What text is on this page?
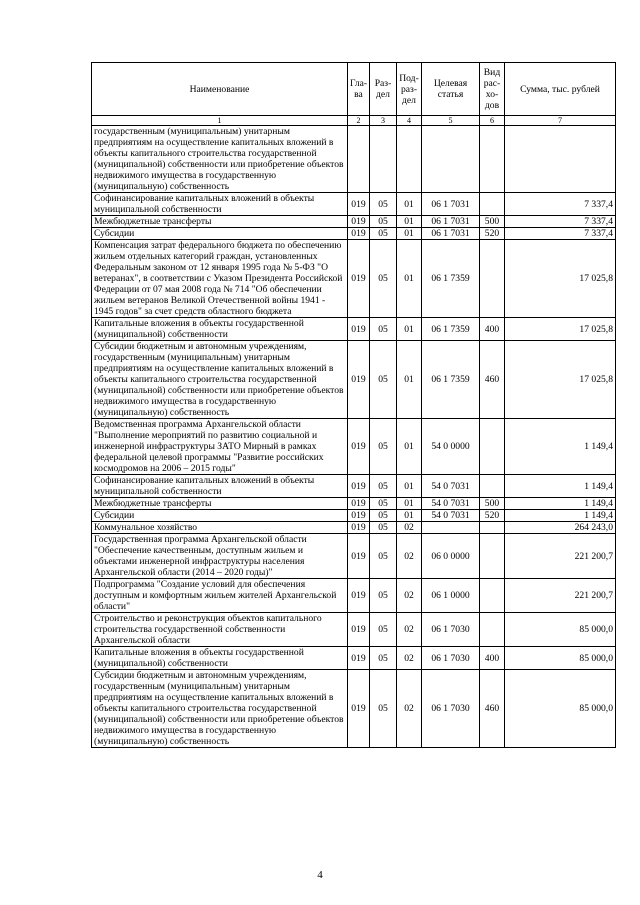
Наименование	Гла-ва	Раз-дел	Под-раз-дел	Целевая статья	Вид рас-хо-дов	Сумма, тыс. рублей
1	2	3	4	5	6	7
государственным (муниципальным) унитарным предприятиям на осуществление капитальных вложений в объекты капитального строительства государственной (муниципальной) собственности или приобретение объектов недвижимого имущества в государственную (муниципальную) собственность						
Софинансирование капитальных вложений в объекты муниципальной собственности	019	05	01	06 1 7031		7 337,4
Межбюджетные трансферты	019	05	01	06 1 7031	500	7 337,4
Субсидии	019	05	01	06 1 7031	520	7 337,4
Компенсация затрат федерального бюджета по обеспечению жильем отдельных категорий граждан, установленных Федеральным законом от 12 января 1995 года № 5-ФЗ "О ветеранах", в соответствии с Указом Президента Российской Федерации от 07 мая 2008 года № 714 "Об обеспечении жильем ветеранов Великой Отечественной войны 1941 - 1945 годов" за счет средств областного бюджета	019	05	01	06 1 7359		17 025,8
Капитальные вложения в объекты государственной (муниципальной) собственности	019	05	01	06 1 7359	400	17 025,8
Субсидии бюджетным и автономным учреждениям, государственным (муниципальным) унитарным предприятиям на осуществление капитальных вложений в объекты капитального строительства государственной (муниципальной) собственности или приобретение объектов недвижимого имущества в государственную (муниципальную) собственность	019	05	01	06 1 7359	460	17 025,8
Ведомственная программа Архангельской области "Выполнение мероприятий по развитию социальной и инженерной инфраструктуры ЗАТО Мирный в рамках федеральной целевой программы "Развитие российских космодромов на 2006 – 2015 годы"	019	05	01	54 0 0000		1 149,4
Софинансирование капитальных вложений в объекты муниципальной собственности	019	05	01	54 0 7031		1 149,4
Межбюджетные трансферты	019	05	01	54 0 7031	500	1 149,4
Субсидии	019	05	01	54 0 7031	520	1 149,4
Коммунальное хозяйство	019	05	02			264 243,0
Государственная программа Архангельской области "Обеспечение качественным, доступным жильем и объектами инженерной инфраструктуры населения Архангельской области (2014 – 2020 годы)"	019	05	02	06 0 0000		221 200,7
Подпрограмма "Создание условий для обеспечения доступным и комфортным жильем жителей Архангельской области"	019	05	02	06 1 0000		221 200,7
Строительство и реконструкция объектов капитального строительства государственной собственности Архангельской области	019	05	02	06 1 7030		85 000,0
Капитальные вложения в объекты государственной (муниципальной) собственности	019	05	02	06 1 7030	400	85 000,0
Субсидии бюджетным и автономным учреждениям, государственным (муниципальным) унитарным предприятиям на осуществление капитальных вложений в объекты капитального строительства государственной (муниципальной) собственности или приобретение объектов недвижимого имущества в государственную (муниципальную) собственность	019	05	02	06 1 7030	460	85 000,0
4
